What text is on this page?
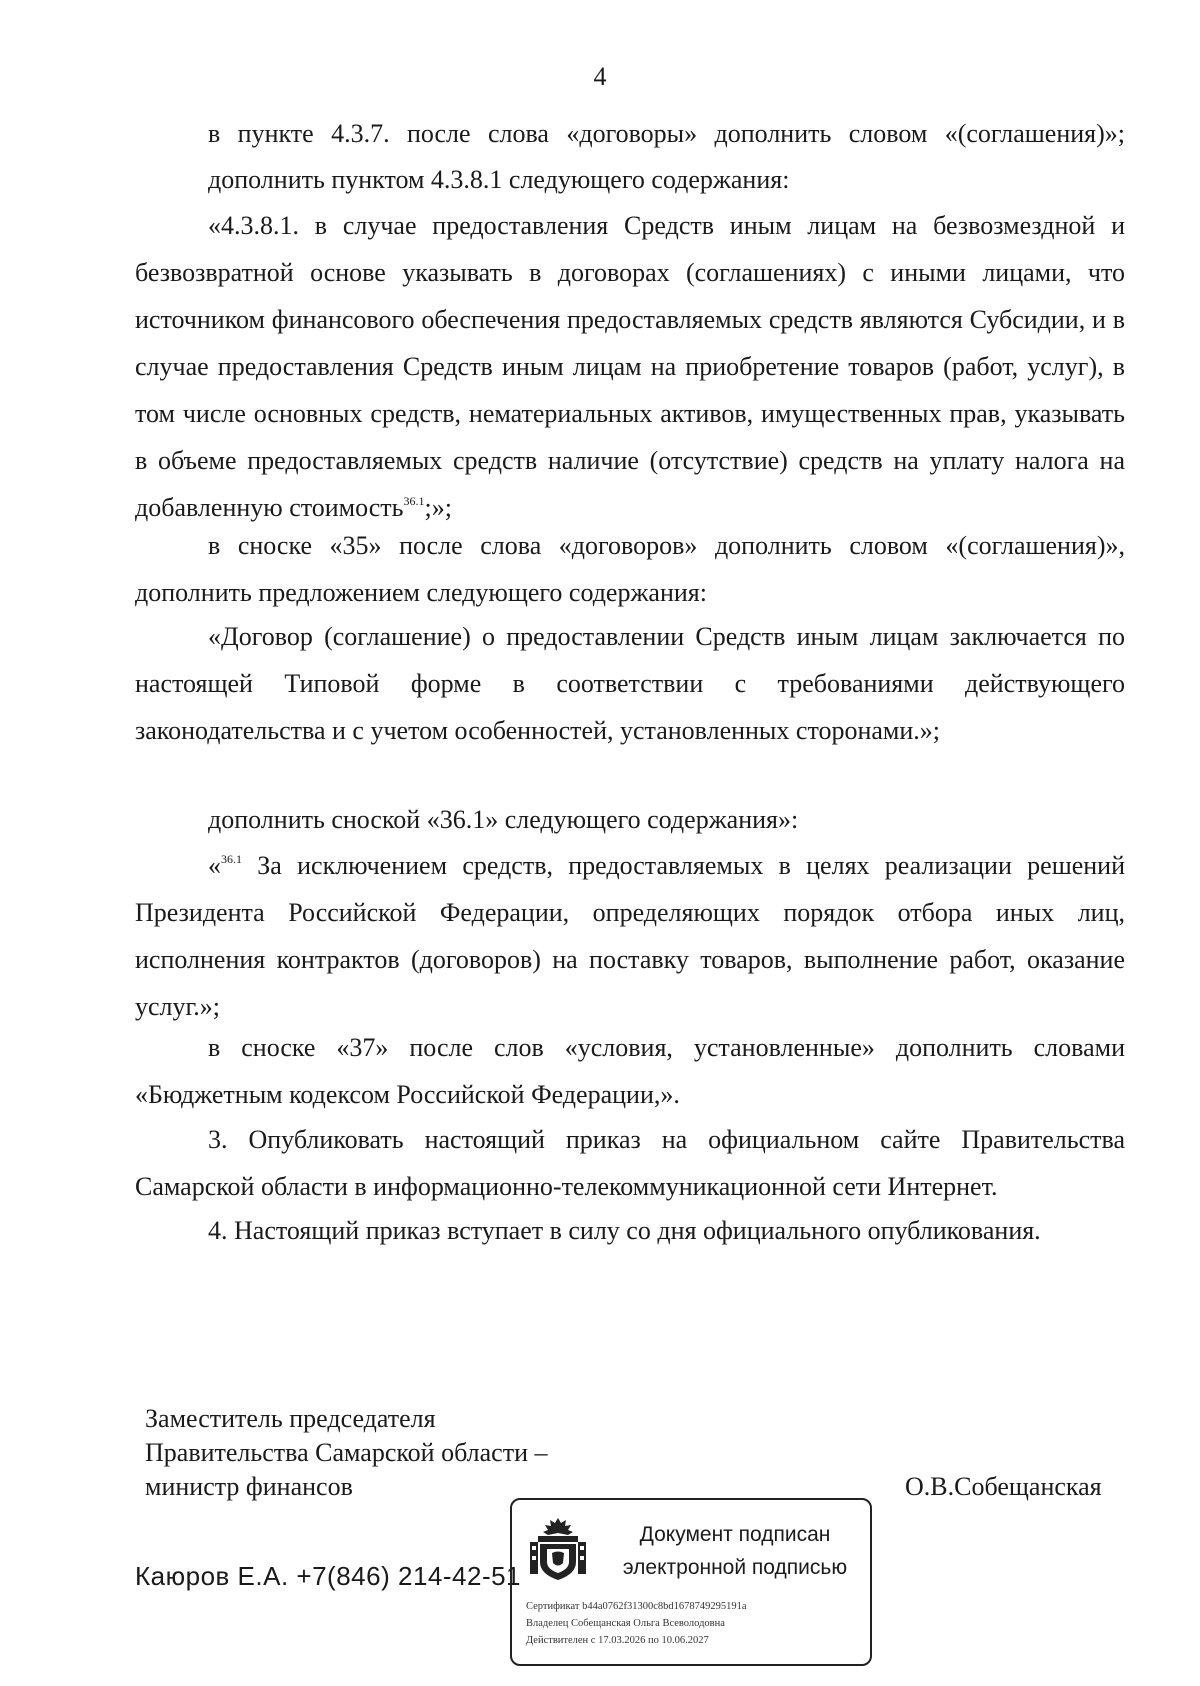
4

в пункте 4.3.7. после слова «договоры» дополнить словом «(соглашения)»;

дополнить пунктом 4.3.8.1 следующего содержания:

«4.3.8.1. в случае предоставления Средств иным лицам на безвозмездной и безвозвратной основе указывать в договорах (соглашениях) с иными лицами, что источником финансового обеспечения предоставляемых средств являются Субсидии, и в случае предоставления Средств иным лицам на приобретение товаров (работ, услуг), в том числе основных средств, нематериальных активов, имущественных прав, указывать в объеме предоставляемых средств наличие (отсутствие) средств на уплату налога на добавленную стоимость$^{36.1}$;»;

в сноске «35» после слова «договоров» дополнить словом «(соглашения)», дополнить предложением следующего содержания:

«Договор (соглашение) о предоставлении Средств иным лицам заключается по настоящей Типовой форме в соответствии с требованиями действующего законодательства и с учетом особенностей, установленных сторонами.»;

дополнить сноской «36.1» следующего содержания»:

«$^{36.1}$ За исключением средств, предоставляемых в целях реализации решений Президента Российской Федерации, определяющих порядок отбора иных лиц, исполнения контрактов (договоров) на поставку товаров, выполнение работ, оказание услуг.»;

в сноске «37» после слов «условия, установленные» дополнить словами «Бюджетным кодексом Российской Федерации,».

3. Опубликовать настоящий приказ на официальном сайте Правительства Самарской области в информационно-телекоммуникационной сети Интернет.

4. Настоящий приказ вступает в силу со дня официального опубликования.

Заместитель председателя
Правительства Самарской области –
министр финансов	О.В.Собещанская
Каюров Е.А. +7(846) 214-42-51
Документ подписан
электронной подписью
Сертификат b44a0762f31300c8bd1678749295191a
Владелец Собещанская Ольга Всеволодовна
Действителен с 17.03.2026 по 10.06.2027
